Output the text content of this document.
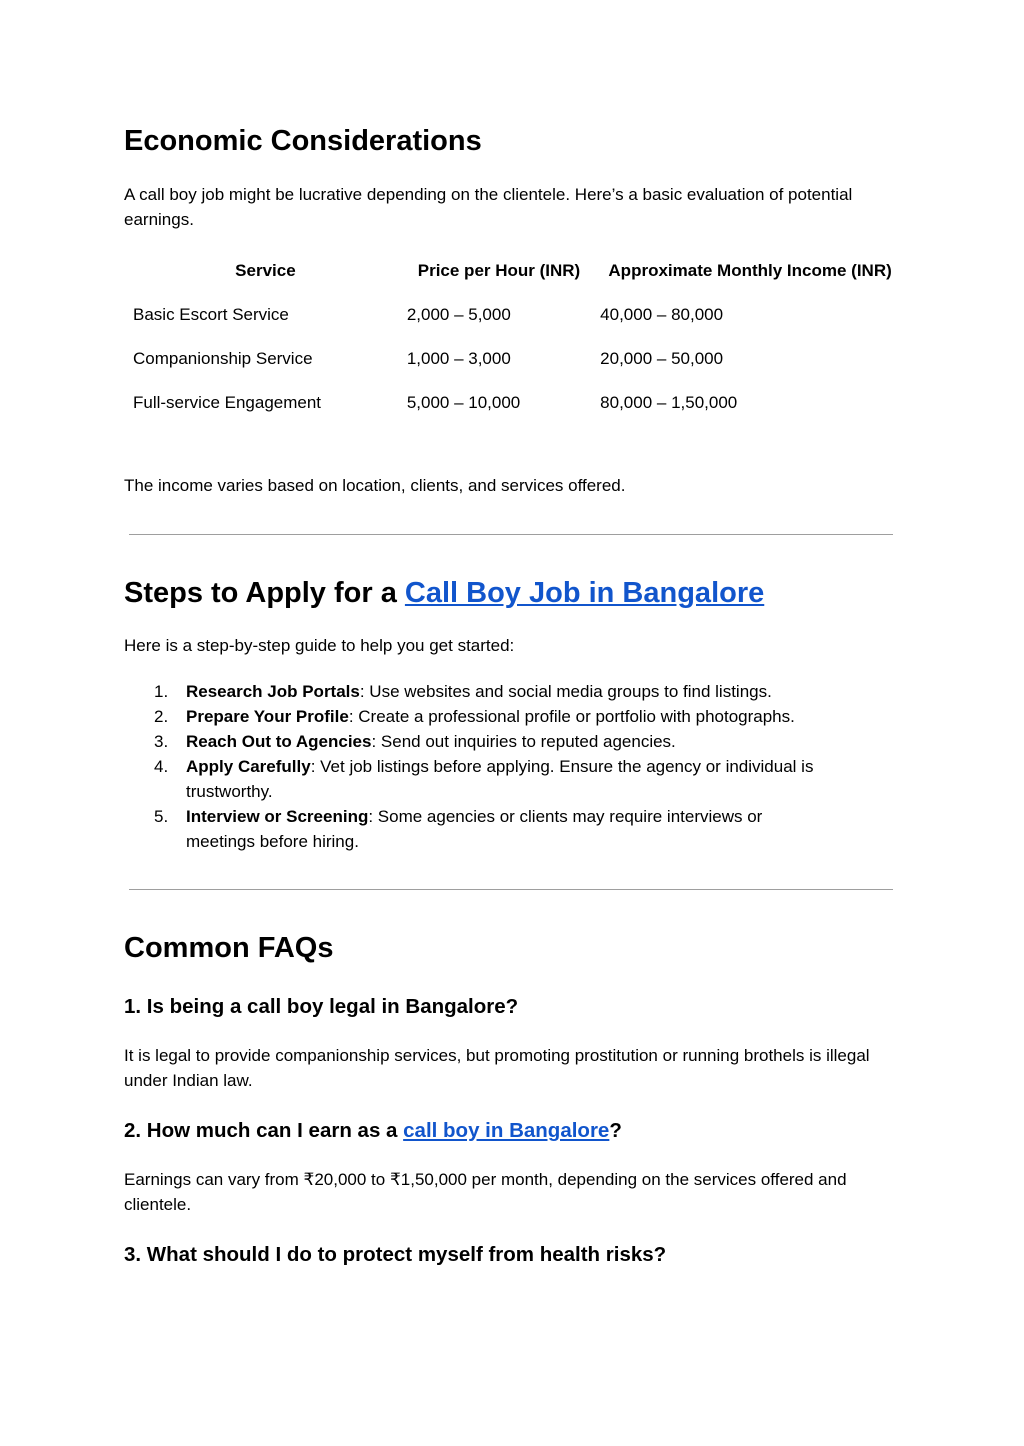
Economic Considerations

A call boy job might be lucrative depending on the clientele. Here’s a basic evaluation of potential earnings.

Service	Price per Hour (INR)	Approximate Monthly Income (INR)
Basic Escort Service	2,000 – 5,000	40,000 – 80,000
Companionship Service	1,000 – 3,000	20,000 – 50,000
Full-service Engagement	5,000 – 10,000	80,000 – 1,50,000

The income varies based on location, clients, and services offered.

Steps to Apply for a Call Boy Job in Bangalore

Here is a step-by-step guide to help you get started:

1. Research Job Portals: Use websites and social media groups to find listings.
2. Prepare Your Profile: Create a professional profile or portfolio with photographs.
3. Reach Out to Agencies: Send out inquiries to reputed agencies.
4. Apply Carefully: Vet job listings before applying. Ensure the agency or individual is trustworthy.
5. Interview or Screening: Some agencies or clients may require interviews or meetings before hiring.
Common FAQs
1. Is being a call boy legal in Bangalore?

It is legal to provide companionship services, but promoting prostitution or running brothels is illegal under Indian law.

2. How much can I earn as a call boy in Bangalore?

Earnings can vary from ₹20,000 to ₹1,50,000 per month, depending on the services offered and clientele.

3. What should I do to protect myself from health risks?
